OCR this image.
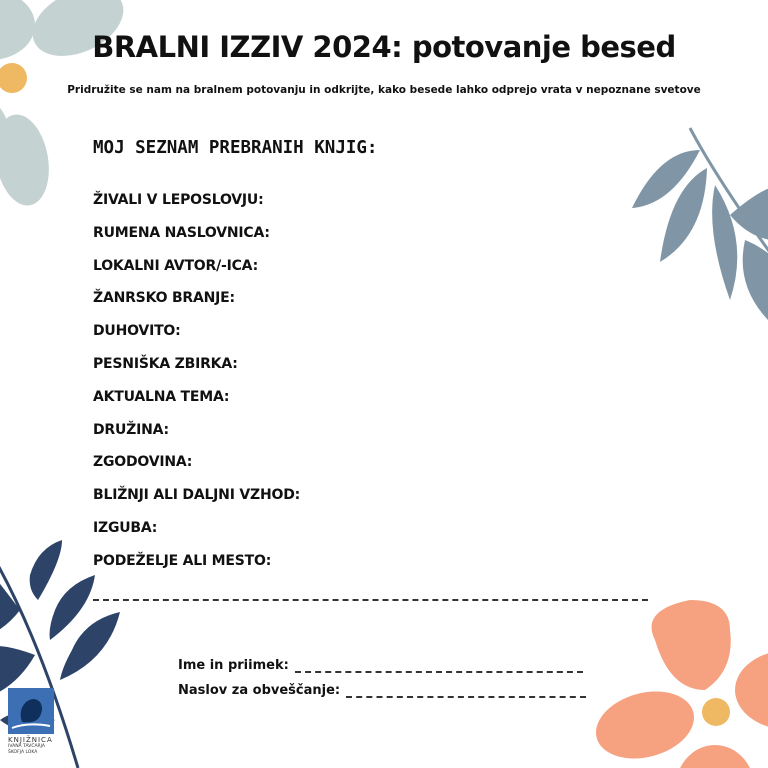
BRALNI IZZIV 2024: potovanje besed

Pridružite se nam na bralnem potovanju in odkrijte, kako besede lahko odprejo vrata v nepoznane svetove

MOJ SEZNAM PREBRANIH KNJIG:
ŽIVALI V LEPOSLOVJU:
RUMENA NASLOVNICA:
LOKALNI AVTOR/-ICA:
ŽANRSKO BRANJE:
DUHOVITO:
PESNIŠKA ZBIRKA:
AKTUALNA TEMA:
DRUŽINA:
ZGODOVINA:
BLIŽNJI ALI DALJNI VZHOD:
IZGUBA:
PODEŽELJE ALI MESTO:
Ime in priimek:
Naslov za obveščanje:
KNJIŽNICA
IVANA TAVČARJA
ŠKOFJA LOKA
